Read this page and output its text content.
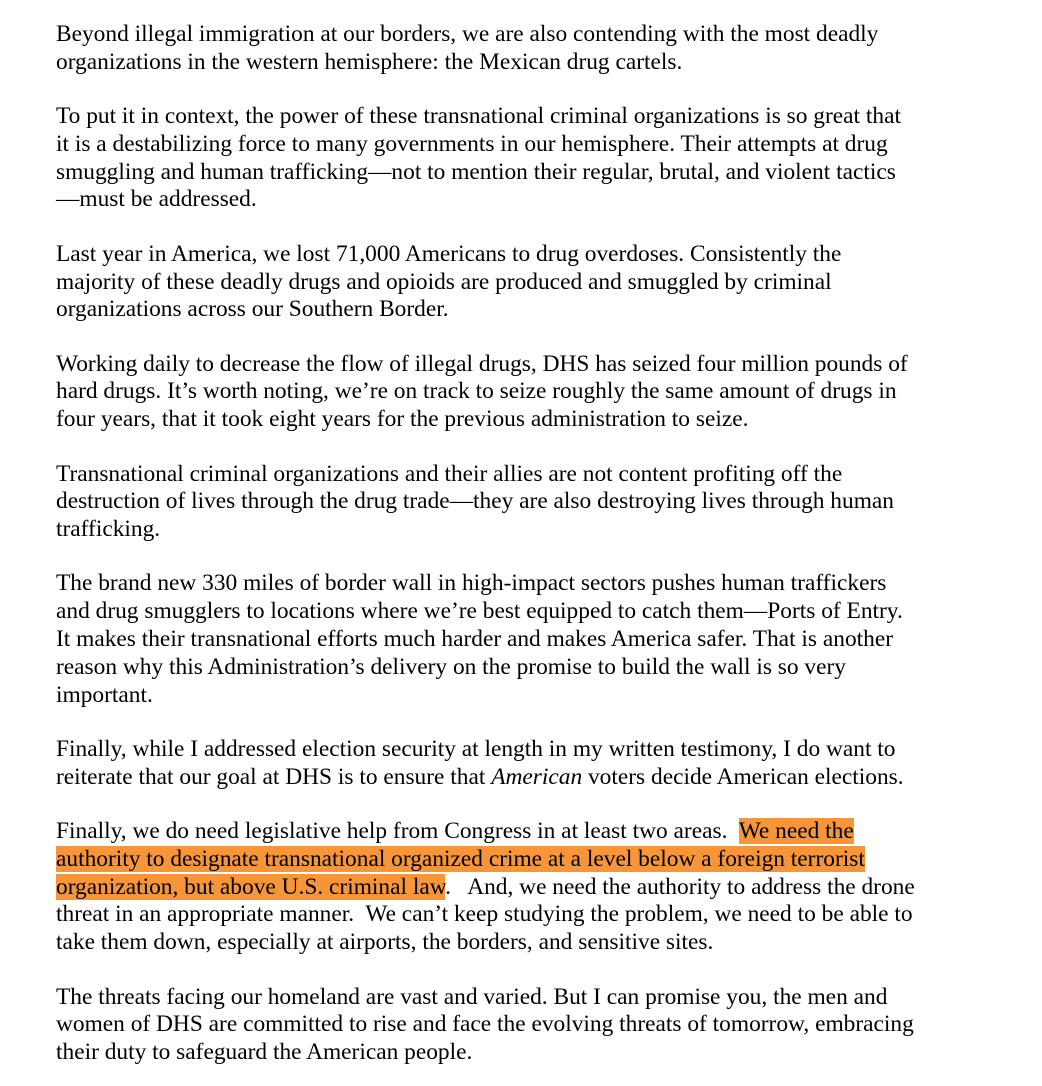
Beyond illegal immigration at our borders, we are also contending with the most deadly
organizations in the western hemisphere: the Mexican drug cartels.

To put it in context, the power of these transnational criminal organizations is so great that
it is a destabilizing force to many governments in our hemisphere. Their attempts at drug
smuggling and human trafficking—not to mention their regular, brutal, and violent tactics
—must be addressed.

Last year in America, we lost 71,000 Americans to drug overdoses. Consistently the
majority of these deadly drugs and opioids are produced and smuggled by criminal
organizations across our Southern Border.

Working daily to decrease the flow of illegal drugs, DHS has seized four million pounds of
hard drugs. It’s worth noting, we’re on track to seize roughly the same amount of drugs in
four years, that it took eight years for the previous administration to seize.

Transnational criminal organizations and their allies are not content profiting off the
destruction of lives through the drug trade—they are also destroying lives through human
trafficking.

The brand new 330 miles of border wall in high-impact sectors pushes human traffickers
and drug smugglers to locations where we’re best equipped to catch them—Ports of Entry.
It makes their transnational efforts much harder and makes America safer. That is another
reason why this Administration’s delivery on the promise to build the wall is so very
important.

Finally, while I addressed election security at length in my written testimony, I do want to
reiterate that our goal at DHS is to ensure that American voters decide American elections.

Finally, we do need legislative help from Congress in at least two areas.  We need the
authority to designate transnational organized crime at a level below a foreign terrorist
organization, but above U.S. criminal law.   And, we need the authority to address the drone
threat in an appropriate manner.  We can’t keep studying the problem, we need to be able to
take them down, especially at airports, the borders, and sensitive sites.

The threats facing our homeland are vast and varied. But I can promise you, the men and
women of DHS are committed to rise and face the evolving threats of tomorrow, embracing
their duty to safeguard the American people.
